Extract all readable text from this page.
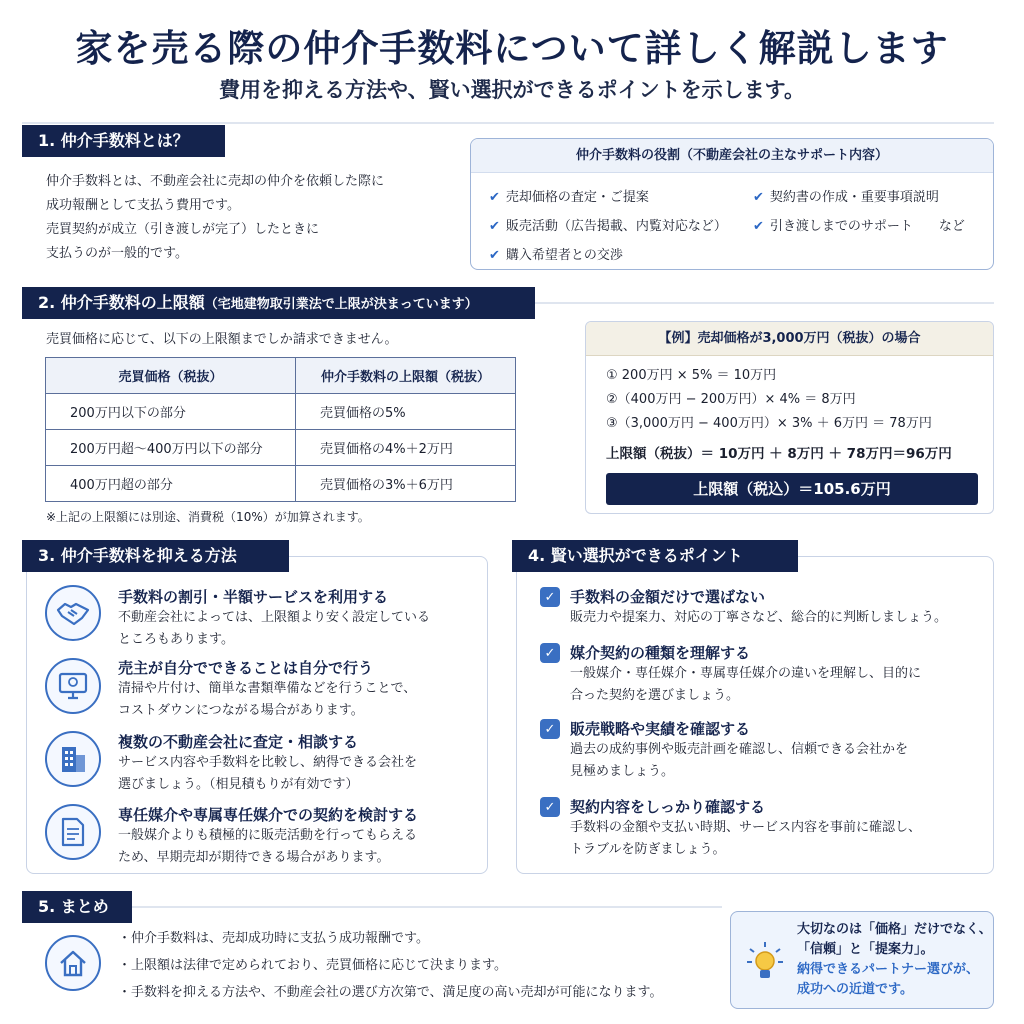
家を売る際の仲介手数料について詳しく解説します
費用を抑える方法や、賢い選択ができるポイントを示します。
1. 仲介手数料とは？
仲介手数料とは、不動産会社に売却の仲介を依頼した際に
成功報酬として支払う費用です。
売買契約が成立（引き渡しが完了）したときに
支払うのが一般的です。
仲介手数料の役割（不動産会社の主なサポート内容）
✔ 売却価格の査定・ご提案
✔ 販売活動（広告掲載、内覧対応など）
✔ 購入希望者との交渉
✔ 契約書の作成・重要事項説明
✔ 引き渡しまでのサポート　　など
2. 仲介手数料の上限額（宅地建物取引業法で上限が決まっています）
売買価格に応じて、以下の上限額までしか請求できません。
売買価格（税抜）	仲介手数料の上限額（税抜）
200万円以下の部分	売買価格の5%
200万円超〜400万円以下の部分	売買価格の4%＋2万円
400万円超の部分	売買価格の3%＋6万円
※上記の上限額には別途、消費税（10%）が加算されます。
【例】売却価格が3,000万円（税抜）の場合
① 200万円 × 5% ＝ 10万円
②（400万円 − 200万円）× 4% ＝ 8万円
③（3,000万円 − 400万円）× 3% ＋ 6万円 ＝ 78万円
上限額（税抜）＝ 10万円 ＋ 8万円 ＋ 78万円＝96万円
上限額（税込）＝105.6万円
3. 仲介手数料を抑える方法
手数料の割引・半額サービスを利用する
不動産会社によっては、上限額より安く設定している
ところもあります。
売主が自分でできることは自分で行う
清掃や片付け、簡単な書類準備などを行うことで、
コストダウンにつながる場合があります。
複数の不動産会社に査定・相談する
サービス内容や手数料を比較し、納得できる会社を
選びましょう。（相見積もりが有効です）
専任媒介や専属専任媒介での契約を検討する
一般媒介よりも積極的に販売活動を行ってもらえる
ため、早期売却が期待できる場合があります。
4. 賢い選択ができるポイント
✓ 手数料の金額だけで選ばない
販売力や提案力、対応の丁寧さなど、総合的に判断しましょう。
✓ 媒介契約の種類を理解する
一般媒介・専任媒介・専属専任媒介の違いを理解し、目的に
合った契約を選びましょう。
✓ 販売戦略や実績を確認する
過去の成約事例や販売計画を確認し、信頼できる会社かを
見極めましょう。
✓ 契約内容をしっかり確認する
手数料の金額や支払い時期、サービス内容を事前に確認し、
トラブルを防ぎましょう。
5. まとめ
・仲介手数料は、売却成功時に支払う成功報酬です。
・上限額は法律で定められており、売買価格に応じて決まります。
・手数料を抑える方法や、不動産会社の選び方次第で、満足度の高い売却が可能になります。
大切なのは「価格」だけでなく、
「信頼」と「提案力」。
納得できるパートナー選びが、
成功への近道です。
